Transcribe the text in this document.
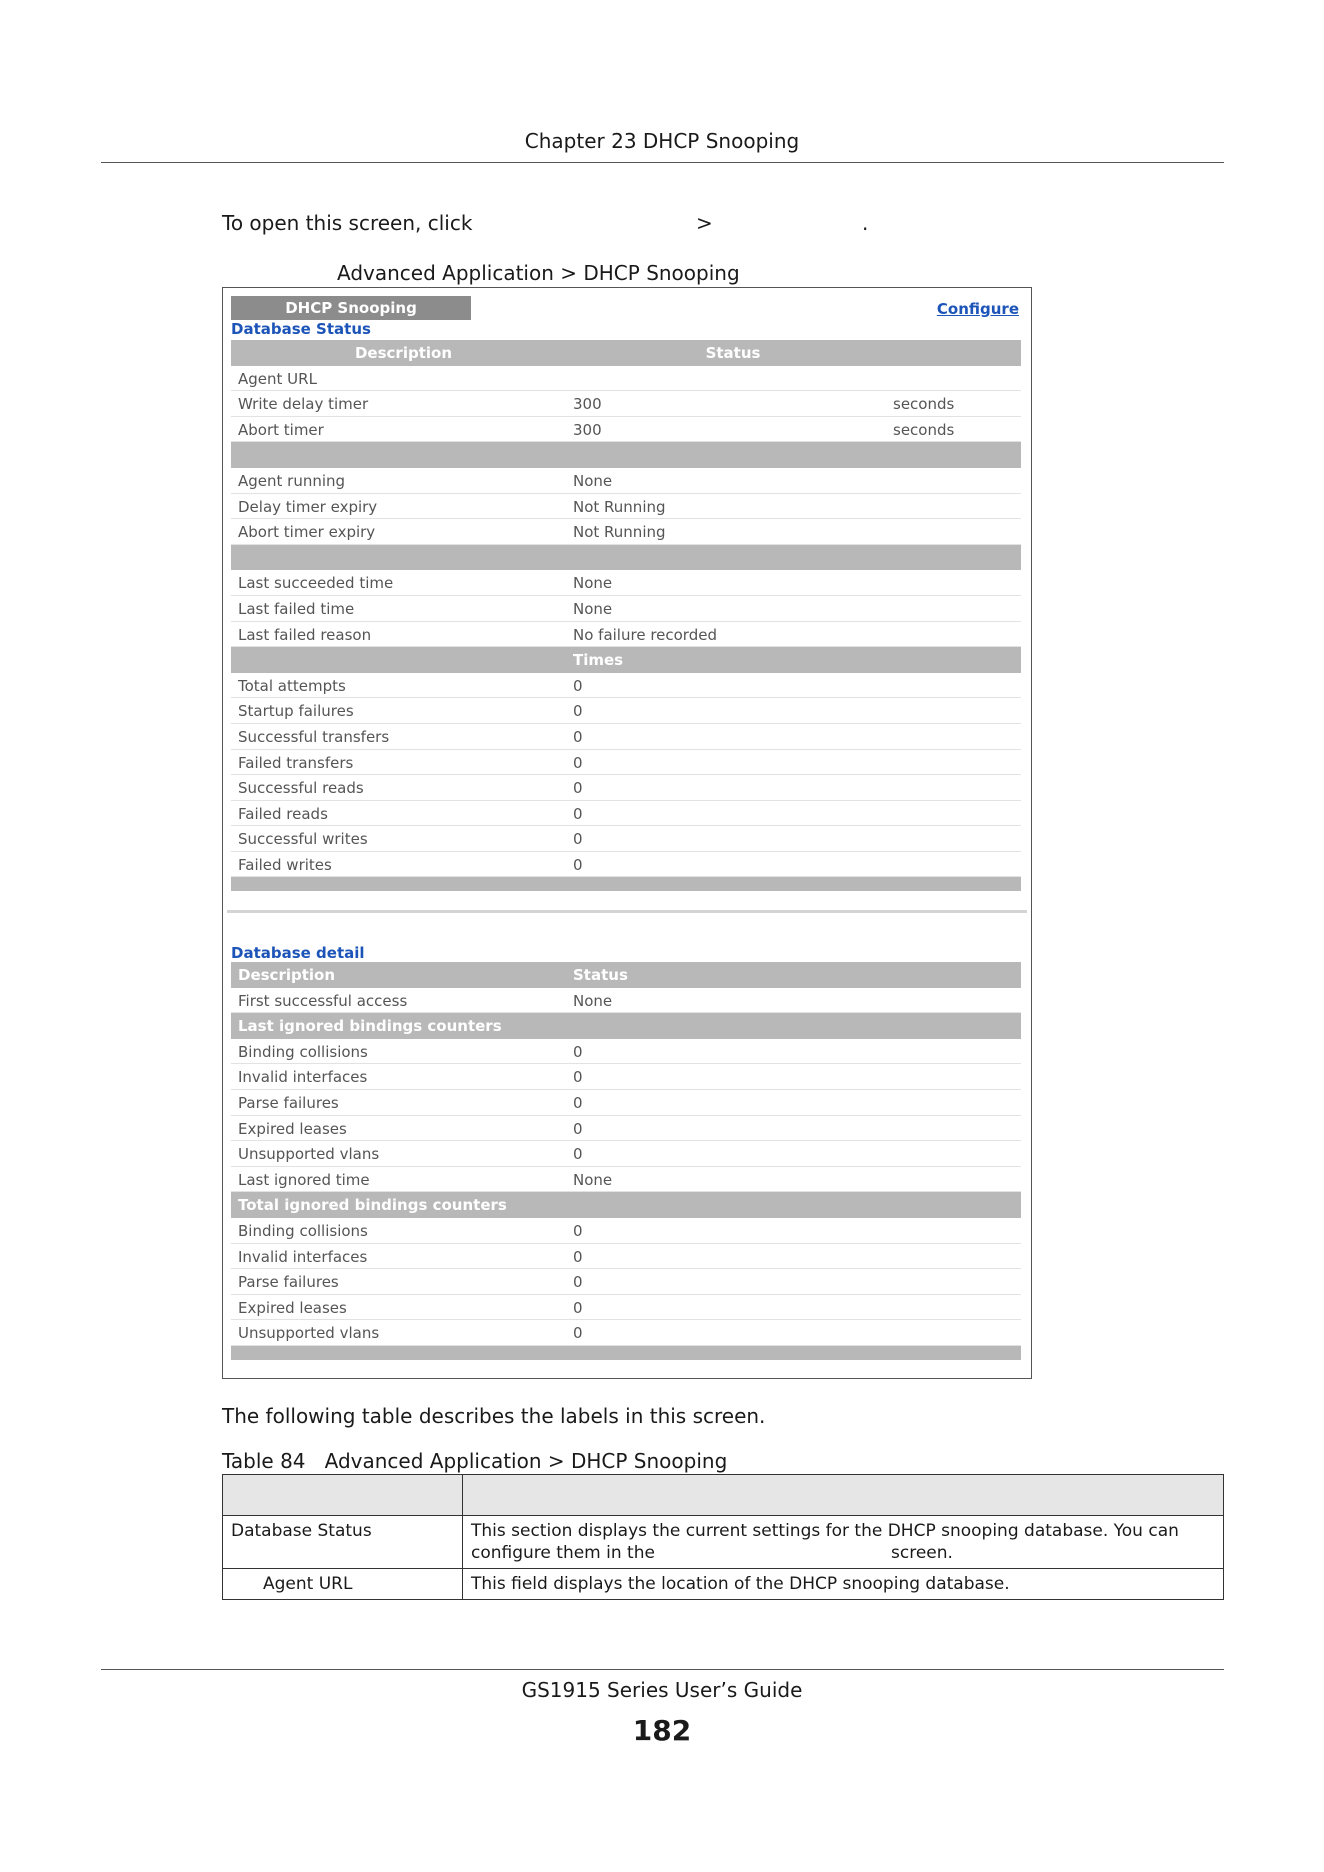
Chapter 23 DHCP Snooping
To open this screen, click	>	.
Advanced Application > DHCP Snooping
DHCP Snooping	Configure
Database Status
Description	Status
Agent URL
Write delay timer	300	seconds
Abort timer	300	seconds
Agent running	None
Delay timer expiry	Not Running
Abort timer expiry	Not Running
Last succeeded time	None
Last failed time	None
Last failed reason	No failure recorded
Times
Total attempts	0
Startup failures	0
Successful transfers	0
Failed transfers	0
Successful reads	0
Failed reads	0
Successful writes	0
Failed writes	0
Database detail
Description	Status
First successful access	None
Last ignored bindings counters
Binding collisions	0
Invalid interfaces	0
Parse failures	0
Expired leases	0
Unsupported vlans	0
Last ignored time	None
Total ignored bindings counters
Binding collisions	0
Invalid interfaces	0
Parse failures	0
Expired leases	0
Unsupported vlans	0
The following table describes the labels in this screen.
Table 84 Advanced Application > DHCP Snooping

Database Status	This section displays the current settings for the DHCP snooping database. You can
configure them in the screen.

Agent URL	This field displays the location of the DHCP snooping database.
GS1915 Series User’s Guide
182
